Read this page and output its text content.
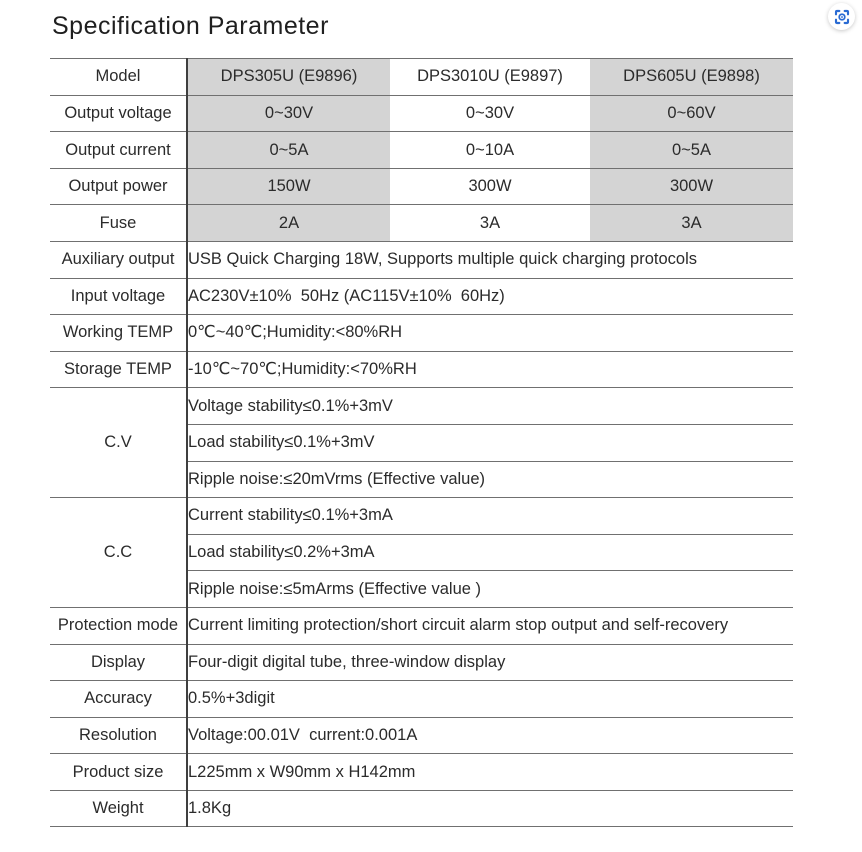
Specification Parameter
Model	DPS305U (E9896)	DPS3010U (E9897)	DPS605U (E9898)
Output voltage	0~30V	0~30V	0~60V
Output current	0~5A	0~10A	0~5A
Output power	150W	300W	300W
Fuse	2A	3A	3A
Auxiliary output	USB Quick Charging 18W, Supports multiple quick charging protocols		
Input voltage	AC230V±10%  50Hz (AC115V±10%  60Hz)		
Working TEMP	0℃~40℃;Humidity:<80%RH		
Storage TEMP	-10℃~70℃;Humidity:<70%RH		
C.V	Voltage stability≤0.1%+3mV		
	Load stability≤0.1%+3mV		
	Ripple noise:≤20mVrms (Effective value)		
C.C	Current stability≤0.1%+3mA		
	Load stability≤0.2%+3mA		
	Ripple noise:≤5mArms (Effective value )		
Protection mode	Current limiting protection/short circuit alarm stop output and self-recovery		
Display	Four-digit digital tube, three-window display		
Accuracy	0.5%+3digit		
Resolution	Voltage:00.01V  current:0.001A		
Product size	L225mm x W90mm x H142mm		
Weight	1.8Kg		
